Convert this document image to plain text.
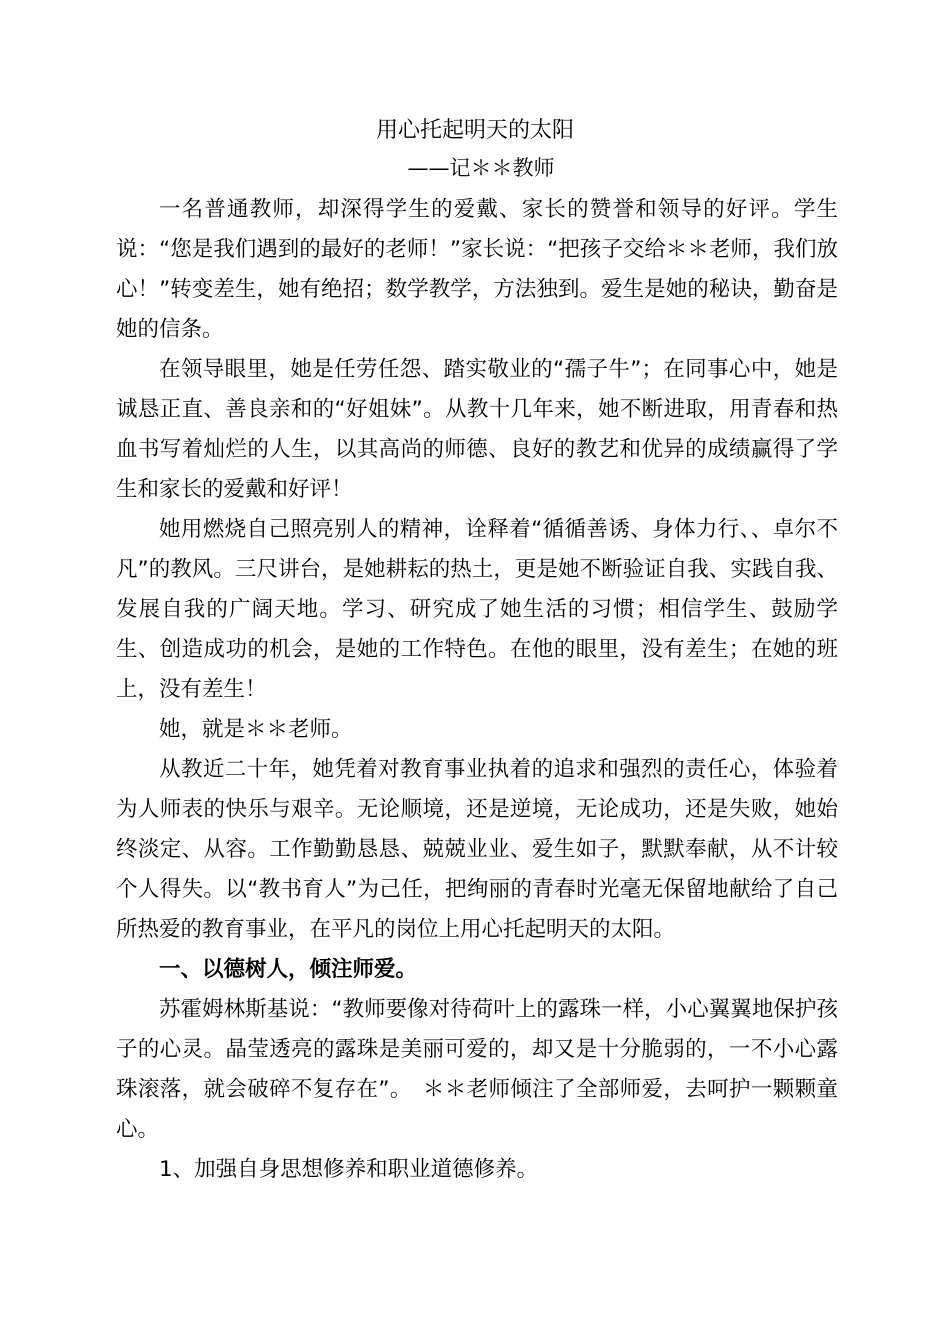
用心托起明天的太阳

——记＊＊教师

一名普通教师，却深得学生的爱戴、家长的赞誉和领导的好评。学生说：“您是我们遇到的最好的老师！”家长说：“把孩子交给＊＊老师，我们放心！”转变差生，她有绝招；数学教学，方法独到。爱生是她的秘诀，勤奋是她的信条。

在领导眼里，她是任劳任怨、踏实敬业的“孺子牛”；在同事心中，她是诚恳正直、善良亲和的“好姐妹”。从教十几年来，她不断进取，用青春和热血书写着灿烂的人生，以其高尚的师德、良好的教艺和优异的成绩赢得了学生和家长的爱戴和好评！

她用燃烧自己照亮别人的精神，诠释着“循循善诱、身体力行、、卓尔不凡”的教风。三尺讲台，是她耕耘的热土，更是她不断验证自我、实践自我、发展自我的广阔天地。学习、研究成了她生活的习惯；相信学生、鼓励学生、创造成功的机会，是她的工作特色。在他的眼里，没有差生；在她的班上，没有差生！

她，就是＊＊老师。

从教近二十年，她凭着对教育事业执着的追求和强烈的责任心，体验着为人师表的快乐与艰辛。无论顺境，还是逆境，无论成功，还是失败，她始终淡定、从容。工作勤勤恳恳、兢兢业业、爱生如子，默默奉献，从不计较个人得失。以“教书育人”为己任，把绚丽的青春时光毫无保留地献给了自己所热爱的教育事业，在平凡的岗位上用心托起明天的太阳。

一、以德树人，倾注师爱。

苏霍姆林斯基说：“教师要像对待荷叶上的露珠一样，小心翼翼地保护孩子的心灵。晶莹透亮的露珠是美丽可爱的，却又是十分脆弱的，一不小心露珠滚落，就会破碎不复存在”。　＊＊老师倾注了全部师爱，去呵护一颗颗童心。

1、加强自身思想修养和职业道德修养。
